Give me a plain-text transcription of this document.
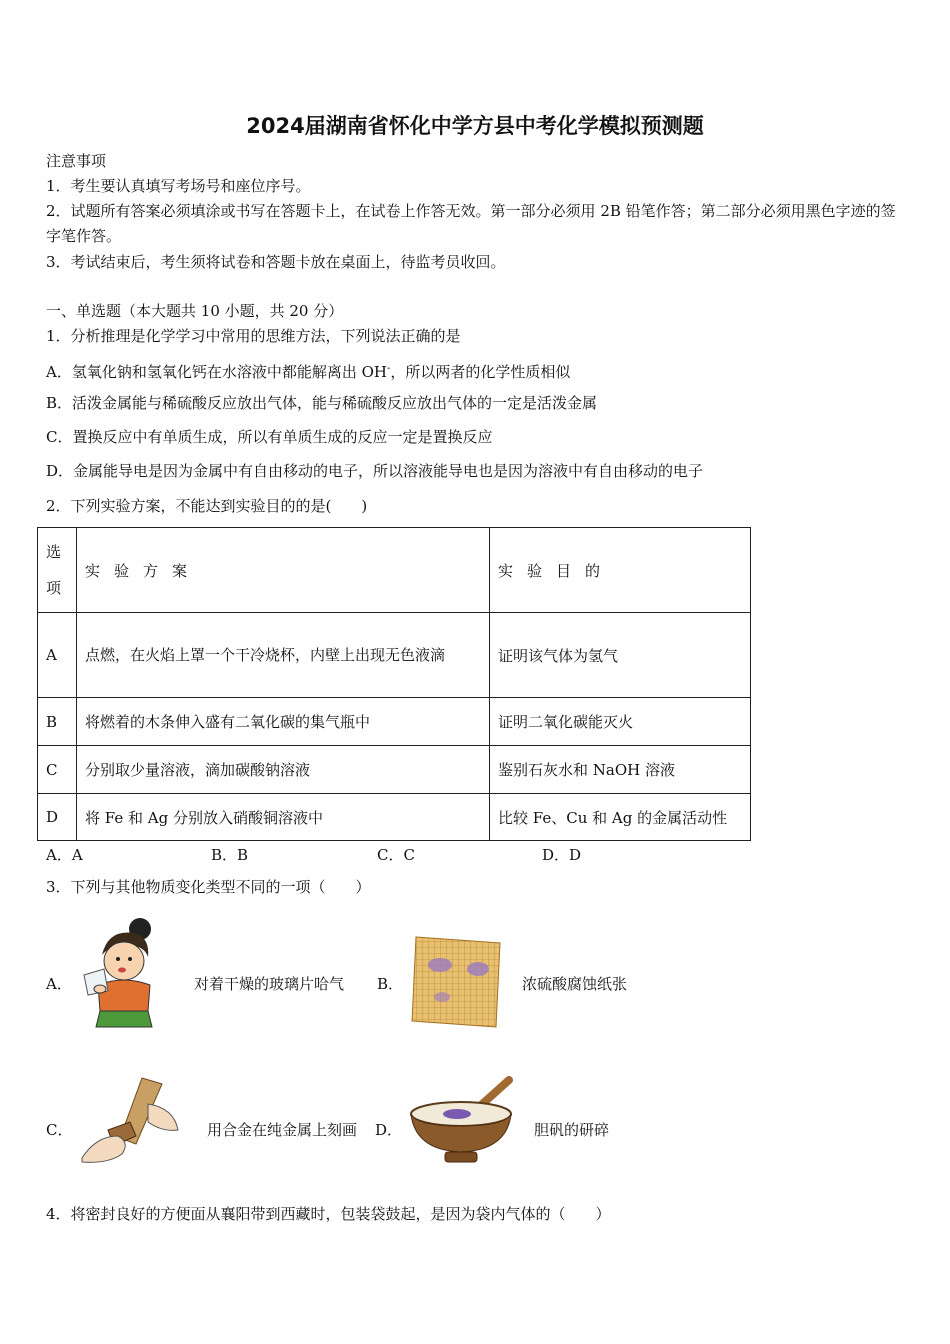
2024届湖南省怀化中学方县中考化学模拟预测题
注意事项
1．考生要认真填写考场号和座位序号。
2．试题所有答案必须填涂或书写在答题卡上，在试卷上作答无效。第一部分必须用 2B 铅笔作答；第二部分必须用黑色字迹的签字笔作答。
3．考试结束后，考生须将试卷和答题卡放在桌面上，待监考员收回。
一、单选题（本大题共 10 小题，共 20 分）
1．分析推理是化学学习中常用的思维方法，下列说法正确的是
A．氢氧化钠和氢氧化钙在水溶液中都能解离出 OH-，所以两者的化学性质相似
B．活泼金属能与稀硫酸反应放出气体，能与稀硫酸反应放出气体的一定是活泼金属
C．置换反应中有单质生成，所以有单质生成的反应一定是置换反应
D．金属能导电是因为金属中有自由移动的电子，所以溶液能导电也是因为溶液中有自由移动的电子
2．下列实验方案，不能达到实验目的的是(　　)
选
项	实验方案	实验目的
A	点燃，在火焰上罩一个干冷烧杯，内壁上出现无色液滴	证明该气体为氢气
B	将燃着的木条伸入盛有二氧化碳的集气瓶中	证明二氧化碳能灭火
C	分别取少量溶液，滴加碳酸钠溶液	鉴别石灰水和 NaOH 溶液
D	将 Fe 和 Ag 分别放入硝酸铜溶液中	比较 Fe、Cu 和 Ag 的金属活动性
A．A	B．B	C．C	D．D
3．下列与其他物质变化类型不同的一项（　　）
A．	对着干燥的玻璃片哈气 B．	浓硫酸腐蚀纸张
C．	用合金在纯金属上刻画 D．	胆矾的研碎
4．将密封良好的方便面从襄阳带到西藏时，包装袋鼓起，是因为袋内气体的（　　）
